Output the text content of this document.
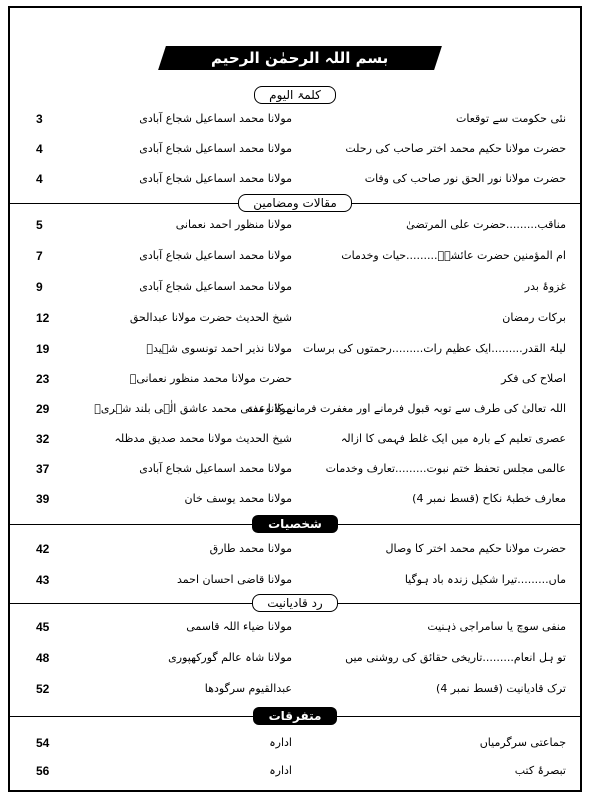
بسم اللہ الرحمٰن الرحیم
کلمۃ الیوم
نئی حکومت سے توقعات
مولانا محمد اسماعیل شجاع آبادی
3
حضرت مولانا حکیم محمد اختر صاحب کی رحلت
مولانا محمد اسماعیل شجاع آبادی
4
حضرت مولانا نور الحق نور صاحب کی وفات
مولانا محمد اسماعیل شجاع آبادی
4
مقالات ومضامین
مناقب.........حضرت علی المرتضیٰ
مولانا منظور احمد نعمانی
5
ام المؤمنین حضرت عائشہؓ.........حیات وخدمات
مولانا محمد اسماعیل شجاع آبادی
7
غزوۂ بدر
مولانا محمد اسماعیل شجاع آبادی
9
برکات رمضان
شیخ الحدیث حضرت مولانا عبدالحق
12
لیلۃ القدر.........ایک عظیم رات.........رحمتوں کی برسات
مولانا نذیر احمد تونسوی شہیدؒ
19
اصلاح کی فکر
حضرت مولانا محمد منظور نعمانیؒ
23
اللہ تعالیٰ کی طرف سے توبہ قبول فرمانے اور مغفرت فرمانے کا وعدہ
مولانا مفتی محمد عاشق الٰہی بلند شہریؒ
29
عصری تعلیم کے بارہ میں ایک غلط فہمی کا ازالہ
شیخ الحدیث مولانا محمد صدیق مدظلہ
32
عالمی مجلس تحفظ ختم نبوت.........تعارف وخدمات
مولانا محمد اسماعیل شجاع آبادی
37
معارف خطبۂ نکاح (قسط نمبر 4)
مولانا محمد یوسف خان
39
شخصیات
حضرت مولانا حکیم محمد اختر کا وصال
مولانا محمد طارق
42
ماں.........تیرا شکیل زندہ باد ہوگیا
مولانا قاضی احسان احمد
43
رد قادیانیت
منفی سوچ یا سامراجی ذہنیت
مولانا ضیاء اللہ قاسمی
45
تو ہل انعام.........تاریخی حقائق کی روشنی میں
مولانا شاہ عالم گورکھپوری
48
ترک قادیانیت (قسط نمبر 4)
عبدالقیوم سرگودھا
52
متفرقات
جماعتی سرگرمیاں
ادارہ
54
تبصرۂ کتب
ادارہ
56
